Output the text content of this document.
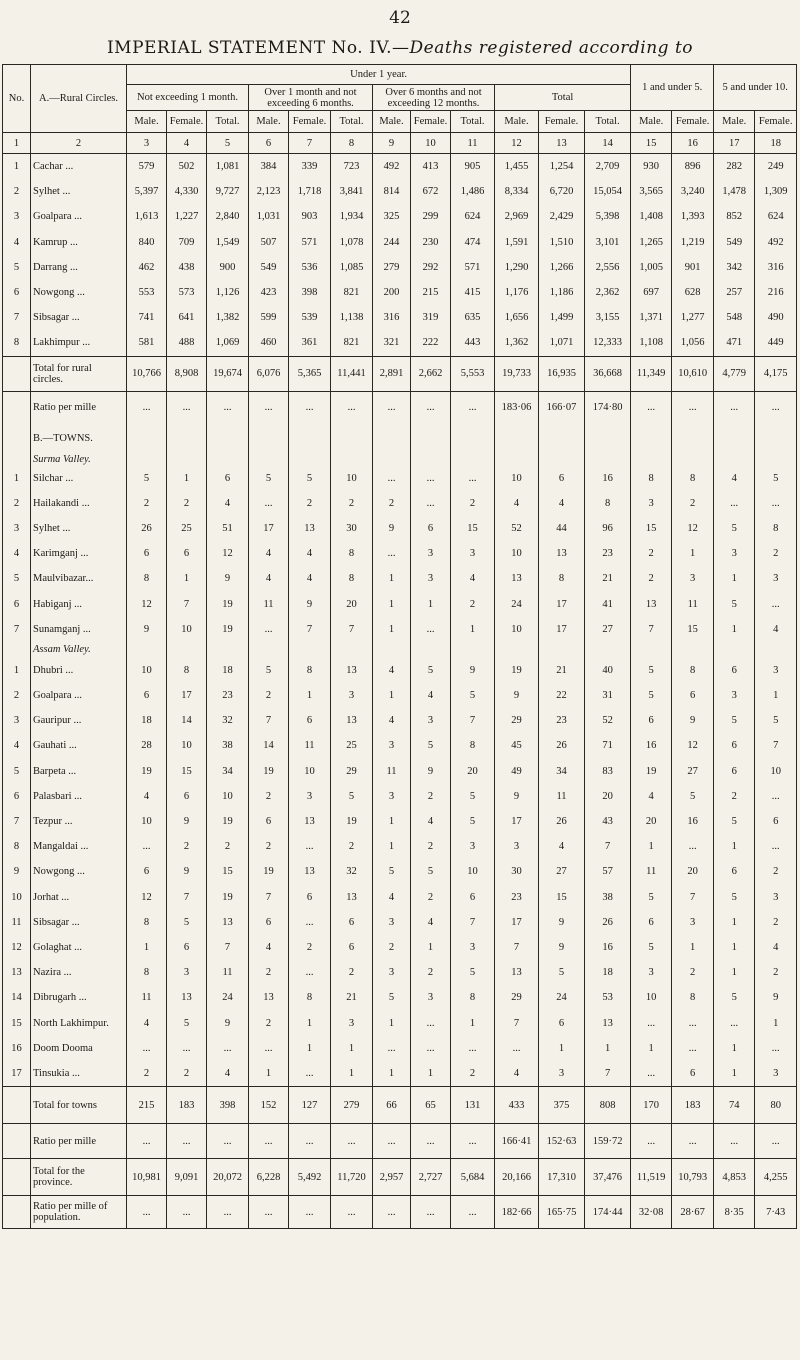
42
IMPERIAL STATEMENT No. IV.—Deaths registered according to
No.	A.—Rural Circles.	Under 1 year.												1 and under 5.		5 and under 10.	
		Not exceeding 1 month.			Over 1 month and not exceeding 6 months.			Over 6 months and not exceeding 12 months.			Total						
		Male.	Female.	Total.	Male.	Female.	Total.	Male.	Female.	Total.	Male.	Female.	Total.	Male.	Female.	Male.	Female.
1	2	3	4	5	6	7	8	9	10	11	12	13	14	15	16	17	18
1	Cachar ...	579	502	1,081	384	339	723	492	413	905	1,455	1,254	2,709	930	896	282	249
2	Sylhet ...	5,397	4,330	9,727	2,123	1,718	3,841	814	672	1,486	8,334	6,720	15,054	3,565	3,240	1,478	1,309
3	Goalpara ...	1,613	1,227	2,840	1,031	903	1,934	325	299	624	2,969	2,429	5,398	1,408	1,393	852	624
4	Kamrup ...	840	709	1,549	507	571	1,078	244	230	474	1,591	1,510	3,101	1,265	1,219	549	492
5	Darrang ...	462	438	900	549	536	1,085	279	292	571	1,290	1,266	2,556	1,005	901	342	316
6	Nowgong ...	553	573	1,126	423	398	821	200	215	415	1,176	1,186	2,362	697	628	257	216
7	Sibsagar ...	741	641	1,382	599	539	1,138	316	319	635	1,656	1,499	3,155	1,371	1,277	548	490
8	Lakhimpur ...	581	488	1,069	460	361	821	321	222	443	1,362	1,071	12,333	1,108	1,056	471	449
	Total for rural circles.	10,766	8,908	19,674	6,076	5,365	11,441	2,891	2,662	5,553	19,733	16,935	36,668	11,349	10,610	4,779	4,175
	Ratio per mille	...	...	...	...	...	...	...	...	...	183·06	166·07	174·80	...	...	...	...
	B.—TOWNS.																
	Surma Valley.																
1	Silchar ...	5	1	6	5	5	10	...	...	...	10	6	16	8	8	4	5
2	Hailakandi ...	2	2	4	...	2	2	2	...	2	4	4	8	3	2	...	...
3	Sylhet ...	26	25	51	17	13	30	9	6	15	52	44	96	15	12	5	8
4	Karimganj ...	6	6	12	4	4	8	...	3	3	10	13	23	2	1	3	2
5	Maulvibazar...	8	1	9	4	4	8	1	3	4	13	8	21	2	3	1	3
6	Habiganj ...	12	7	19	11	9	20	1	1	2	24	17	41	13	11	5	...
7	Sunamganj ...	9	10	19	...	7	7	1	...	1	10	17	27	7	15	1	4
	Assam Valley.																
1	Dhubri ...	10	8	18	5	8	13	4	5	9	19	21	40	5	8	6	3
2	Goalpara ...	6	17	23	2	1	3	1	4	5	9	22	31	5	6	3	1
3	Gauripur ...	18	14	32	7	6	13	4	3	7	29	23	52	6	9	5	5
4	Gauhati ...	28	10	38	14	11	25	3	5	8	45	26	71	16	12	6	7
5	Barpeta ...	19	15	34	19	10	29	11	9	20	49	34	83	19	27	6	10
6	Palasbari ...	4	6	10	2	3	5	3	2	5	9	11	20	4	5	2	...
7	Tezpur ...	10	9	19	6	13	19	1	4	5	17	26	43	20	16	5	6
8	Mangaldai ...	...	2	2	2	...	2	1	2	3	3	4	7	1	...	1	...
9	Nowgong ...	6	9	15	19	13	32	5	5	10	30	27	57	11	20	6	2
10	Jorhat ...	12	7	19	7	6	13	4	2	6	23	15	38	5	7	5	3
11	Sibsagar ...	8	5	13	6	...	6	3	4	7	17	9	26	6	3	1	2
12	Golaghat ...	1	6	7	4	2	6	2	1	3	7	9	16	5	1	1	4
13	Nazira ...	8	3	11	2	...	2	3	2	5	13	5	18	3	2	1	2
14	Dibrugarh ...	11	13	24	13	8	21	5	3	8	29	24	53	10	8	5	9
15	North Lakhimpur.	4	5	9	2	1	3	1	...	1	7	6	13	...	...	...	1
16	Doom Dooma	...	...	...	...	1	1	...	...	...	...	1	1	1	...	1	...
17	Tinsukia ...	2	2	4	1	...	1	1	1	2	4	3	7	...	6	1	3
	Total for towns	215	183	398	152	127	279	66	65	131	433	375	808	170	183	74	80
	Ratio per mille	...	...	...	...	...	...	...	...	...	166·41	152·63	159·72	...	...	...	...
	Total for the province.	10,981	9,091	20,072	6,228	5,492	11,720	2,957	2,727	5,684	20,166	17,310	37,476	11,519	10,793	4,853	4,255
	Ratio per mille of population.	...	...	...	...	...	...	...	...	...	182·66	165·75	174·44	32·08	28·67	8·35	7·43
